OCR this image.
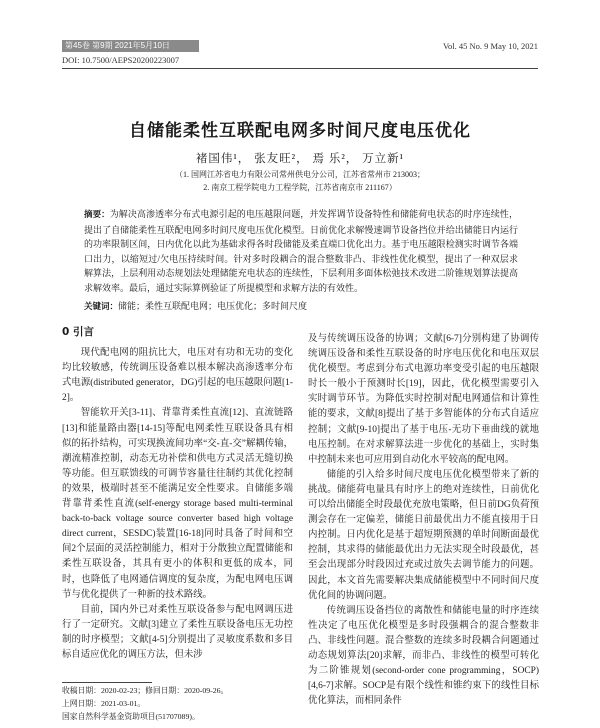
第45卷 第9期 2021年5月10日	Vol. 45 No. 9 May 10, 2021
DOI: 10.7500/AEPS20200223007
自储能柔性互联配电网多时间尺度电压优化
褚国伟¹， 张友旺²， 焉 乐²， 万立新¹
（1. 国网江苏省电力有限公司常州供电分公司，江苏省常州市 213003；
2. 南京工程学院电力工程学院，江苏省南京市 211167）

摘要：为解决高渗透率分布式电源引起的电压越限问题，并发挥调节设备特性和储能荷电状态的时序连续性，提出了自储能柔性互联配电网多时间尺度电压优化模型。日前优化求解慢速调节设备挡位并给出储能日内运行的功率限制区间，日内优化以此为基础求得各时段储能及柔直端口优化出力。基于电压越限检测实时调节各端口出力，以缩短过/欠电压持续时间。针对多时段耦合的混合整数非凸、非线性优化模型，提出了一种双层求解算法，上层利用动态规划法处理储能充电状态的连续性，下层利用多面体松弛技术改进二阶锥规划算法提高求解效率。最后，通过实际算例验证了所提模型和求解方法的有效性。

关键词：储能；柔性互联配电网；电压优化；多时间尺度

0 引言

现代配电网的阻抗比大，电压对有功和无功的变化均比较敏感，传统调压设备难以根本解决高渗透率分布式电源(distributed generator，DG)引起的电压越限问题[1-2]。

智能软开关[3-11]、背靠背柔性直流[12]、直流链路[13]和能量路由器[14-15]等配电网柔性互联设备具有相似的拓扑结构，可实现换流间功率“交-直-交”解耦传输，潮流精准控制，动态无功补偿和供电方式灵活无缝切换等功能。但互联馈线的可调节容量往往制约其优化控制的效果，极端时甚至不能满足安全性要求。自储能多端背靠背柔性直流(self-energy storage based multi-terminal back-to-back voltage source converter based high voltage direct current，SESDC)装置[16-18]同时具备了时间和空间2个层面的灵活控制能力，相对于分散独立配置储能和柔性互联设备，其具有更小的体积和更低的成本，同时，也降低了电网通信调度的复杂度，为配电网电压调节与优化提供了一种新的技术路线。

目前，国内外已对柔性互联设备参与配电网调压进行了一定研究。文献[3]建立了柔性互联设备电压无功控制的时序模型；文献[4-5]分别提出了灵敏度系数和多目标自适应优化的调压方法，但未涉

及与传统调压设备的协调；文献[6-7]分别构建了协调传统调压设备和柔性互联设备的时序电压优化和电压双层优化模型。考虑到分布式电源功率变受引起的电压越限时长一般小于预测时长[19]，因此，优化模型需要引入实时调节环节。为降低实时控制对配电网通信和计算性能的要求，文献[8]提出了基于多智能体的分布式自适应控制；文献[9-10]提出了基于电压-无功下垂曲线的就地电压控制。在对求解算法进一步优化的基础上，实时集中控制未来也可应用到自动化水平较高的配电网。

储能的引入给多时间尺度电压优化模型带来了新的挑战。储能荷电量具有时序上的绝对连续性，日前优化可以给出储能全时段最优充放电策略，但日前DG负荷预测会存在一定偏差，储能日前最优出力不能直接用于日内控制。日内优化是基于超短期预测的单时间断面最优控制，其求得的储能最优出力无法实现全时段最优，甚至会出现部分时段因过充或过放失去调节能力的问题。因此，本文首先需要解决集成储能模型中不同时间尺度优化间的协调问题。

传统调压设备挡位的离散性和储能电量的时序连续性决定了电压优化模型是多时段强耦合的混合整数非凸、非线性问题。混合整数的连续多时段耦合问题通过动态规划算法[20]求解，而非凸、非线性的模型可转化为二阶锥规划(second-order cone programming，SOCP)[4,6-7]求解。SOCP是有限个线性和锥约束下的线性目标优化算法，而相同条件

收稿日期：2020-02-23；修回日期：2020-09-26。
上网日期：2021-03-01。
国家自然科学基金资助项目(51707089)。
